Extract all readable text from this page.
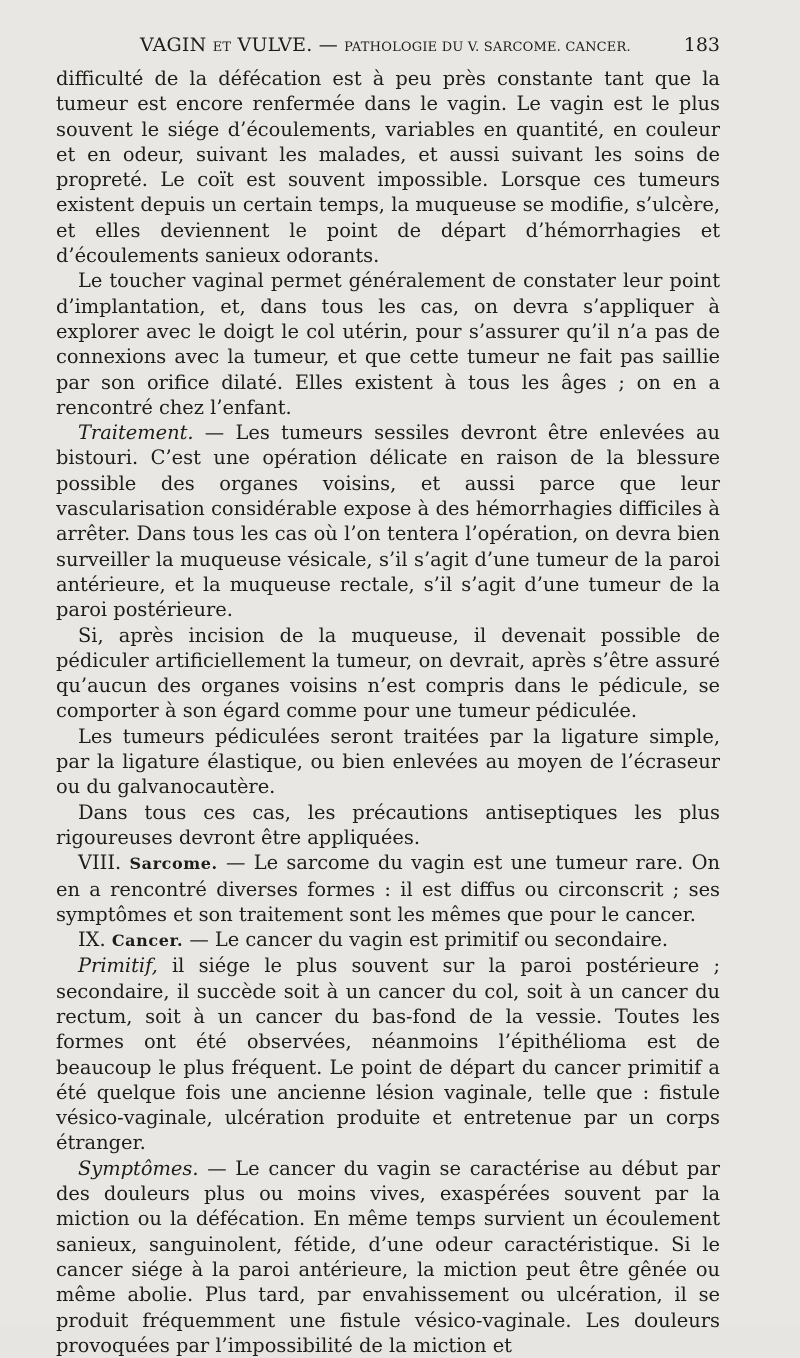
VAGIN ET VULVE. — PATHOLOGIE DU V. SARCOME. CANCER.	183

difficulté de la défécation est à peu près constante tant que la tumeur est encore renfermée dans le vagin. Le vagin est le plus souvent le siége d’écoulements, variables en quantité, en couleur et en odeur, suivant les malades, et aussi suivant les soins de propreté. Le coït est souvent impossible. Lorsque ces tumeurs existent depuis un certain temps, la muqueuse se modifie, s’ulcère, et elles deviennent le point de départ d’hémorrhagies et d’écoulements sanieux odorants.

Le toucher vaginal permet généralement de constater leur point d’implantation, et, dans tous les cas, on devra s’appliquer à explorer avec le doigt le col utérin, pour s’assurer qu’il n’a pas de connexions avec la tumeur, et que cette tumeur ne fait pas saillie par son orifice dilaté. Elles existent à tous les âges ; on en a rencontré chez l’enfant.

Traitement. — Les tumeurs sessiles devront être enlevées au bistouri. C’est une opération délicate en raison de la blessure possible des organes voisins, et aussi parce que leur vascularisation considérable expose à des hémorrhagies difficiles à arrêter. Dans tous les cas où l’on tentera l’opération, on devra bien surveiller la muqueuse vésicale, s’il s’agit d’une tumeur de la paroi antérieure, et la muqueuse rectale, s’il s’agit d’une tumeur de la paroi postérieure.

Si, après incision de la muqueuse, il devenait possible de pédiculer artificiellement la tumeur, on devrait, après s’être assuré qu’aucun des organes voisins n’est compris dans le pédicule, se comporter à son égard comme pour une tumeur pédiculée.

Les tumeurs pédiculées seront traitées par la ligature simple, par la ligature élastique, ou bien enlevées au moyen de l’écraseur ou du galvanocautère.

Dans tous ces cas, les précautions antiseptiques les plus rigoureuses devront être appliquées.

VIII. Sarcome. — Le sarcome du vagin est une tumeur rare. On en a rencontré diverses formes : il est diffus ou circonscrit ; ses symptômes et son traitement sont les mêmes que pour le cancer.

IX. Cancer. — Le cancer du vagin est primitif ou secondaire.

Primitif, il siége le plus souvent sur la paroi postérieure ; secondaire, il succède soit à un cancer du col, soit à un cancer du rectum, soit à un cancer du bas-fond de la vessie. Toutes les formes ont été observées, néanmoins l’épithélioma est de beaucoup le plus fréquent. Le point de départ du cancer primitif a été quelque fois une ancienne lésion vaginale, telle que : fistule vésico-vaginale, ulcération produite et entretenue par un corps étranger.

Symptômes. — Le cancer du vagin se caractérise au début par des douleurs plus ou moins vives, exaspérées souvent par la miction ou la défécation. En même temps survient un écoulement sanieux, sanguinolent, fétide, d’une odeur caractéristique. Si le cancer siége à la paroi antérieure, la miction peut être gênée ou même abolie. Plus tard, par envahissement ou ulcération, il se produit fréquemment une fistule vésico-vaginale. Les douleurs provoquées par l’impossibilité de la miction et
